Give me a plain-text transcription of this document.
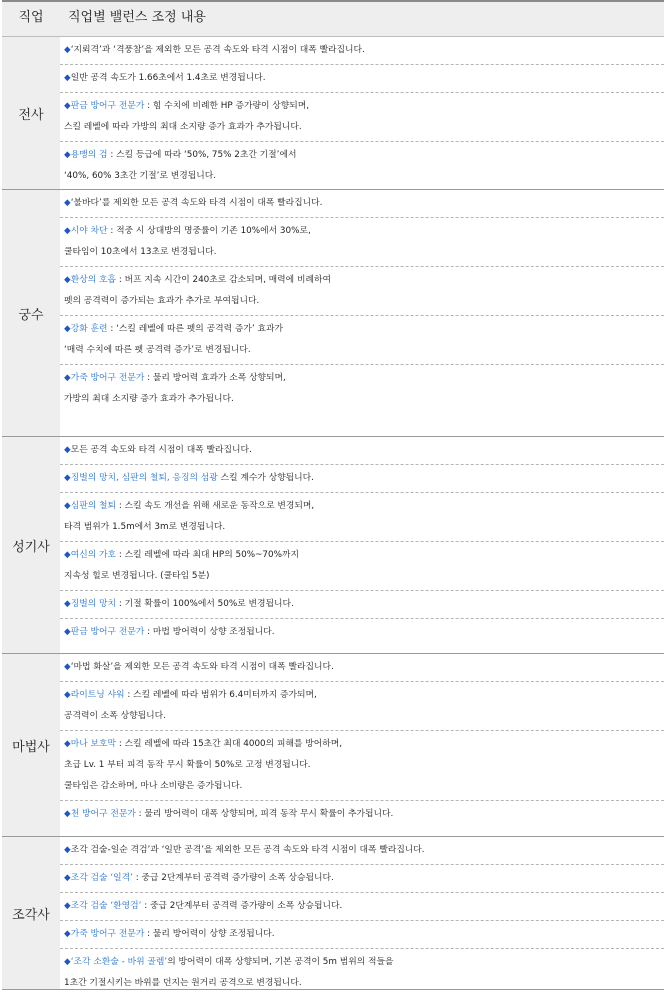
직업	직업별 밸런스 조정 내용
전사
◆‘지뢰격’과 ‘격풍참’을 제외한 모든 공격 속도와 타격 시점이 대폭 빨라집니다.
◆일반 공격 속도가 1.66초에서 1.4초로 변경됩니다.
◆판금 방어구 전문가 : 힘 수치에 비례한 HP 증가량이 상향되며,
스킬 레벨에 따라 가방의 최대 소지량 증가 효과가 추가됩니다.
◆용맹의 검 : 스킬 등급에 따라 ‘50%, 75% 2초간 기절’에서
‘40%, 60% 3초간 기절’로 변경됩니다.
궁수
◆‘불바다’를 제외한 모든 공격 속도와 타격 시점이 대폭 빨라집니다.
◆시야 차단 : 적중 시 상대방의 명중률이 기존 10%에서 30%로,
쿨타임이 10초에서 13초로 변경됩니다.
◆환상의 호흡 : 버프 지속 시간이 240초로 감소되며, 매력에 비례하여
펫의 공격력이 증가되는 효과가 추가로 부여됩니다.
◆강화 훈련 : ‘스킬 레벨에 따른 펫의 공격력 증가’ 효과가
‘매력 수치에 따른 펫 공격력 증가’로 변경됩니다.
◆가죽 방어구 전문가 : 물리 방어력 효과가 소폭 상향되며,
가방의 최대 소지량 증가 효과가 추가됩니다.
성기사
◆모든 공격 속도와 타격 시점이 대폭 빨라집니다.
◆징벌의 망치, 심판의 철퇴, 응징의 섬광 스킬 계수가 상향됩니다.
◆심판의 철퇴 : 스킬 속도 개선을 위해 새로운 동작으로 변경되며,
타격 범위가 1.5m에서 3m로 변경됩니다.
◆여신의 가호 : 스킬 레벨에 따라 최대 HP의 50%~70%까지
지속성 힐로 변경됩니다. (쿨타임 5분)
◆징벌의 망치 : 기절 확률이 100%에서 50%로 변경됩니다.
◆판금 방어구 전문가 : 마법 방어력이 상향 조정됩니다.
마법사
◆‘마법 화살’을 제외한 모든 공격 속도와 타격 시점이 대폭 빨라집니다.
◆라이트닝 샤워 : 스킬 레벨에 따라 범위가 6.4미터까지 증가되며,
공격력이 소폭 상향됩니다.
◆마나 보호막 : 스킬 레벨에 따라 15초간 최대 4000의 피해를 방어하며,
초급 Lv. 1 부터 피격 동작 무시 확률이 50%로 고정 변경됩니다.
쿨타임은 감소하며, 마나 소비량은 증가됩니다.
◆천 방어구 전문가 : 물리 방어력이 대폭 상향되며, 피격 동작 무시 확률이 추가됩니다.
조각사
◆조각 검술-일순 격검’과 ‘일반 공격’을 제외한 모든 공격 속도와 타격 시점이 대폭 빨라집니다.
◆조각 검술 ‘일격’ : 중급 2단계부터 공격력 증가량이 소폭 상승됩니다.
◆조각 검술 ‘환영검’ : 중급 2단계부터 공격력 증가량이 소폭 상승됩니다.
◆가죽 방어구 전문가 : 물리 방어력이 상향 조정됩니다.
◆‘조각 소환술 - 바위 골렘’의 방어력이 대폭 상향되며, 기본 공격이 5m 범위의 적들을
1초간 기절시키는 바위를 던지는 원거리 공격으로 변경됩니다.
